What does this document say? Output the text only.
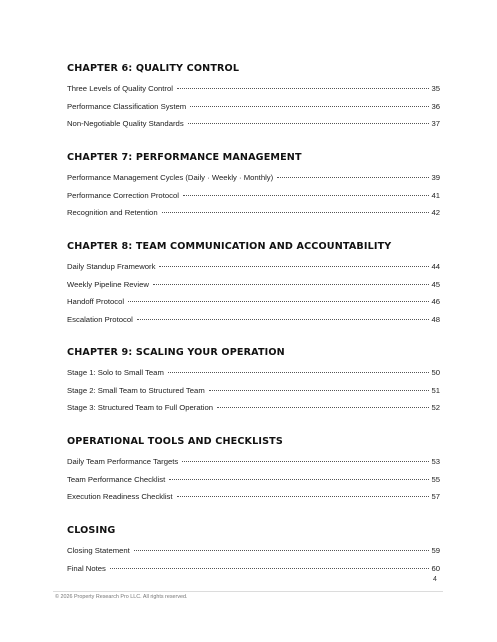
CHAPTER 6: QUALITY CONTROL
Three Levels of Quality Control	35
Performance Classification System	36
Non-Negotiable Quality Standards	37
CHAPTER 7: PERFORMANCE MANAGEMENT
Performance Management Cycles (Daily · Weekly · Monthly)	39
Performance Correction Protocol	41
Recognition and Retention	42
CHAPTER 8: TEAM COMMUNICATION AND ACCOUNTABILITY
Daily Standup Framework	44
Weekly Pipeline Review	45
Handoff Protocol	46
Escalation Protocol	48
CHAPTER 9: SCALING YOUR OPERATION
Stage 1: Solo to Small Team	50
Stage 2: Small Team to Structured Team	51
Stage 3: Structured Team to Full Operation	52
OPERATIONAL TOOLS AND CHECKLISTS
Daily Team Performance Targets	53
Team Performance Checklist	55
Execution Readiness Checklist	57
CLOSING
Closing Statement	59
Final Notes	60
4
© 2026 Property Research Pro LLC. All rights reserved.
